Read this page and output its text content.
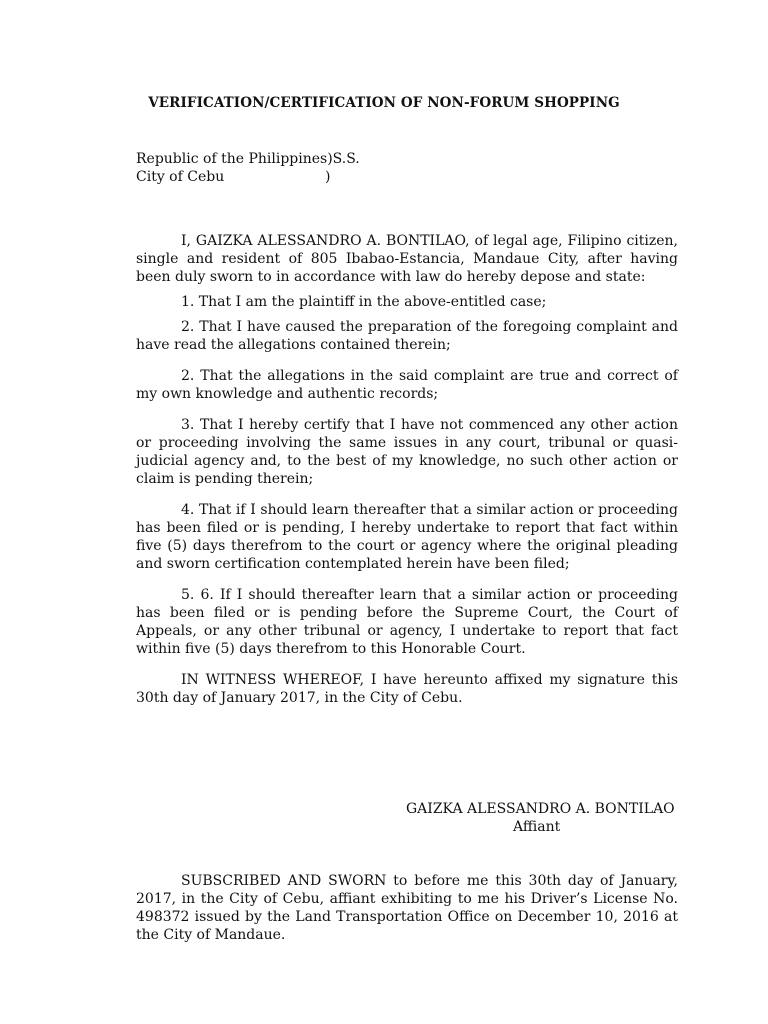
VERIFICATION/CERTIFICATION OF NON-FORUM SHOPPING
Republic of the Philippines)S.S.
City of Cebu	)

I, GAIZKA ALESSANDRO A. BONTILAO, of legal age, Filipino citizen, single and resident of 805 Ibabao-Estancia, Mandaue City, after having been duly sworn to in accordance with law do hereby depose and state:

1. That I am the plaintiff in the above-entitled case;

2. That I have caused the preparation of the foregoing complaint and have read the allegations contained therein;

2. That the allegations in the said complaint are true and correct of my own knowledge and authentic records;

3. That I hereby certify that I have not commenced any other action or proceeding involving the same issues in any court, tribunal or quasi-judicial agency and, to the best of my knowledge, no such other action or claim is pending therein;

4. That if I should learn thereafter that a similar action or proceeding has been filed or is pending, I hereby undertake to report that fact within five (5) days therefrom to the court or agency where the original pleading and sworn certification contemplated herein have been filed;

5. 6. If I should thereafter learn that a similar action or proceeding has been filed or is pending before the Supreme Court, the Court of Appeals, or any other tribunal or agency, I undertake to report that fact within five (5) days therefrom to this Honorable Court.

IN WITNESS WHEREOF, I have hereunto affixed my signature this 30th day of January 2017, in the City of Cebu.

GAIZKA ALESSANDRO A. BONTILAO
Affiant

SUBSCRIBED AND SWORN to before me this 30th day of January, 2017, in the City of Cebu, affiant exhibiting to me his Driver’s License No. 498372 issued by the Land Transportation Office on December 10, 2016 at the City of Mandaue.
